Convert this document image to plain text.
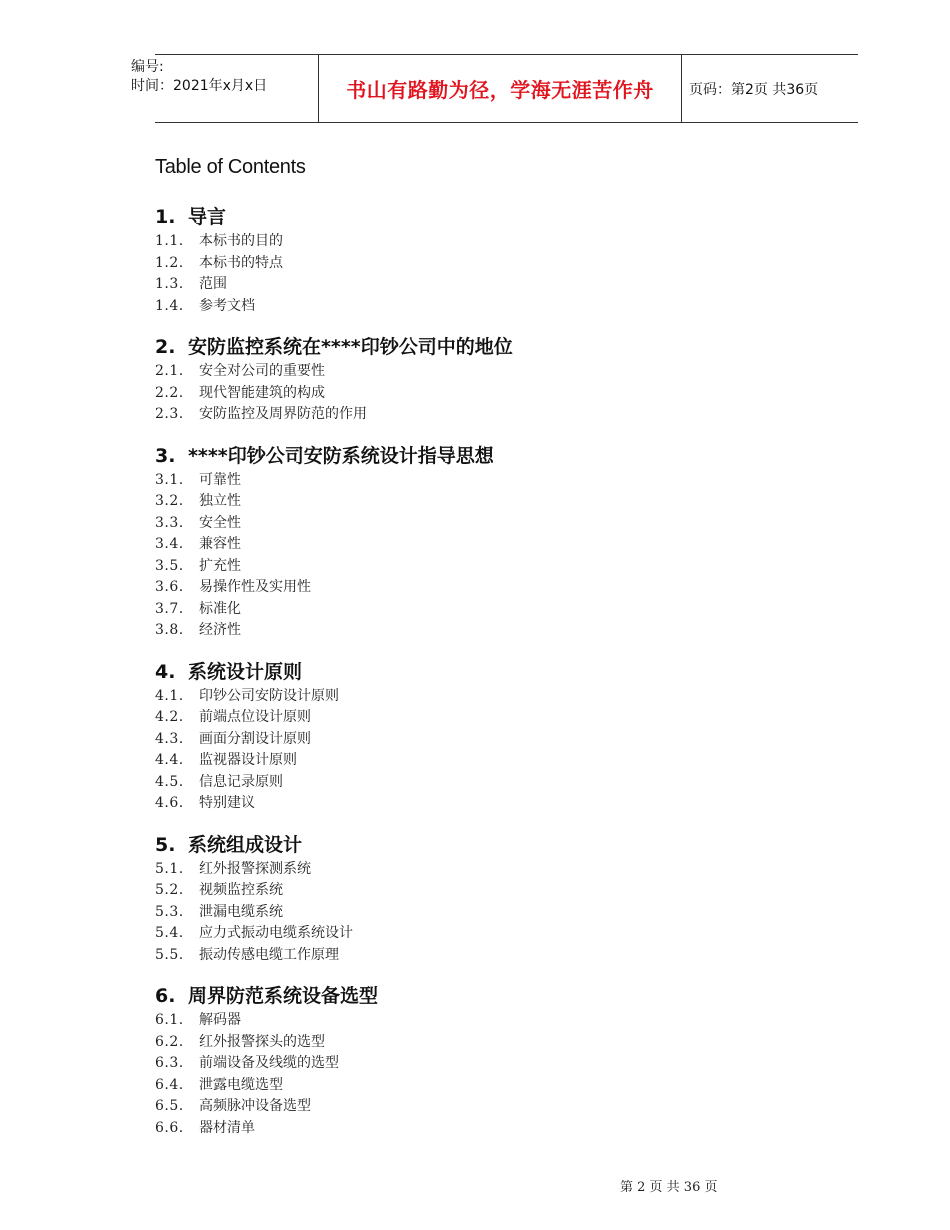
编号:
时间：2021年x月x日	书山有路勤为径，学海无涯苦作舟	页码：第2页 共36页
Table of Contents
1. 导言
1.1. 本标书的目的
1.2. 本标书的特点
1.3. 范围
1.4. 参考文档
2. 安防监控系统在****印钞公司中的地位
2.1. 安全对公司的重要性
2.2. 现代智能建筑的构成
2.3. 安防监控及周界防范的作用
3. ****印钞公司安防系统设计指导思想
3.1. 可靠性
3.2. 独立性
3.3. 安全性
3.4. 兼容性
3.5. 扩充性
3.6. 易操作性及实用性
3.7. 标准化
3.8. 经济性
4. 系统设计原则
4.1. 印钞公司安防设计原则
4.2. 前端点位设计原则
4.3. 画面分割设计原则
4.4. 监视器设计原则
4.5. 信息记录原则
4.6. 特别建议
5. 系统组成设计
5.1. 红外报警探测系统
5.2. 视频监控系统
5.3. 泄漏电缆系统
5.4. 应力式振动电缆系统设计
5.5. 振动传感电缆工作原理
6. 周界防范系统设备选型
6.1. 解码器
6.2. 红外报警探头的选型
6.3. 前端设备及线缆的选型
6.4. 泄露电缆选型
6.5. 高频脉冲设备选型
6.6. 器材清单
第 2 页 共 36 页
